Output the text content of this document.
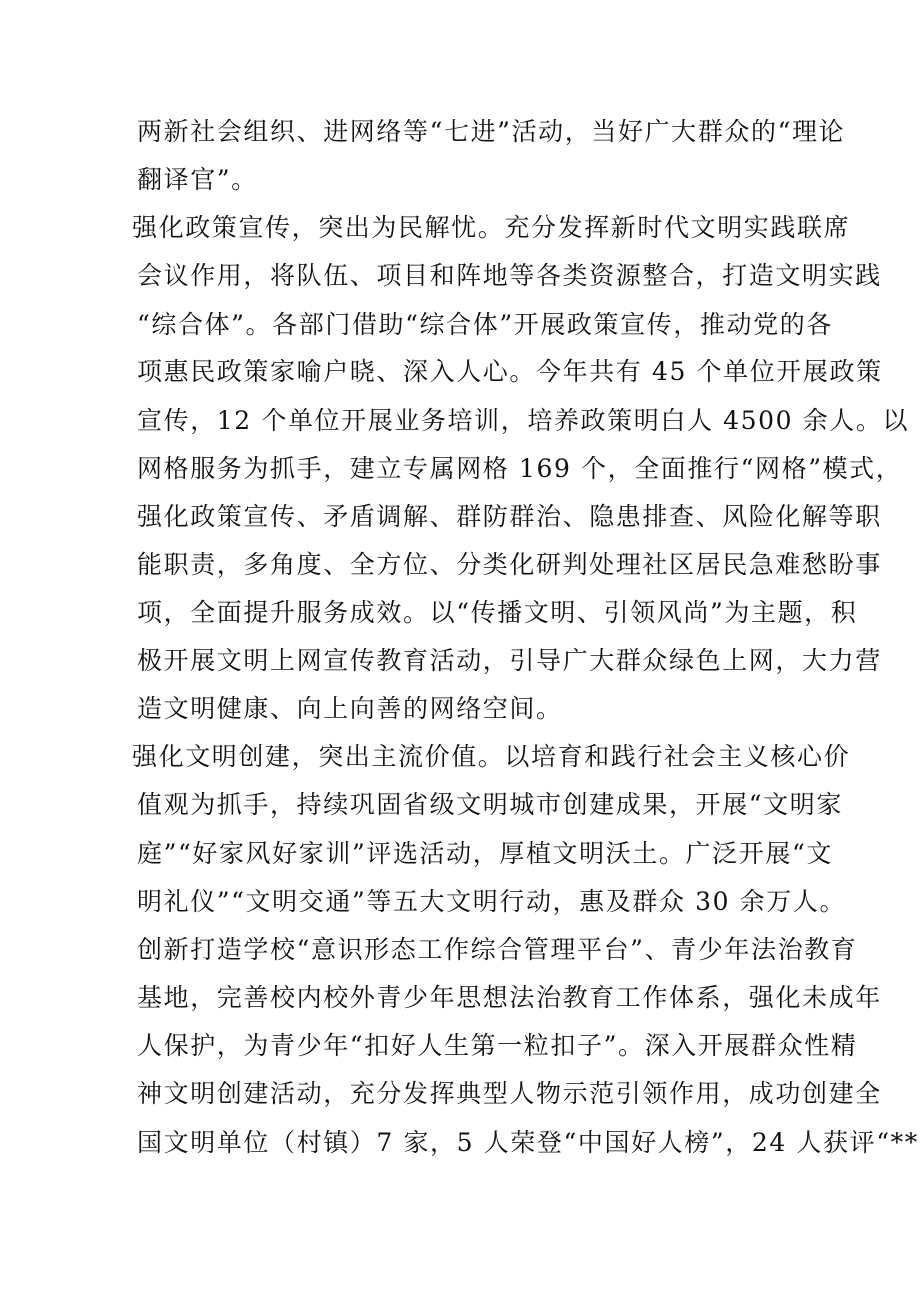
两新社会组织、进网络等“七进”活动，当好广大群众的“理论
翻译官”。
强化政策宣传，突出为民解忧。充分发挥新时代文明实践联席
会议作用，将队伍、项目和阵地等各类资源整合，打造文明实践
“综合体”。各部门借助“综合体”开展政策宣传，推动党的各
项惠民政策家喻户晓、深入人心。今年共有 45 个单位开展政策
宣传，12 个单位开展业务培训，培养政策明白人 4500 余人。以
网格服务为抓手，建立专属网格 169 个，全面推行“网格”模式，
强化政策宣传、矛盾调解、群防群治、隐患排查、风险化解等职
能职责，多角度、全方位、分类化研判处理社区居民急难愁盼事
项，全面提升服务成效。以“传播文明、引领风尚”为主题，积
极开展文明上网宣传教育活动，引导广大群众绿色上网，大力营
造文明健康、向上向善的网络空间。
强化文明创建，突出主流价值。以培育和践行社会主义核心价
值观为抓手，持续巩固省级文明城市创建成果，开展“文明家
庭”“好家风好家训”评选活动，厚植文明沃土。广泛开展“文
明礼仪”“文明交通”等五大文明行动，惠及群众 30 余万人。
创新打造学校“意识形态工作综合管理平台”、青少年法治教育
基地，完善校内校外青少年思想法治教育工作体系，强化未成年
人保护，为青少年“扣好人生第一粒扣子”。深入开展群众性精
神文明创建活动，充分发挥典型人物示范引领作用，成功创建全
国文明单位（村镇）7 家，5 人荣登“中国好人榜”，24 人获评“**
